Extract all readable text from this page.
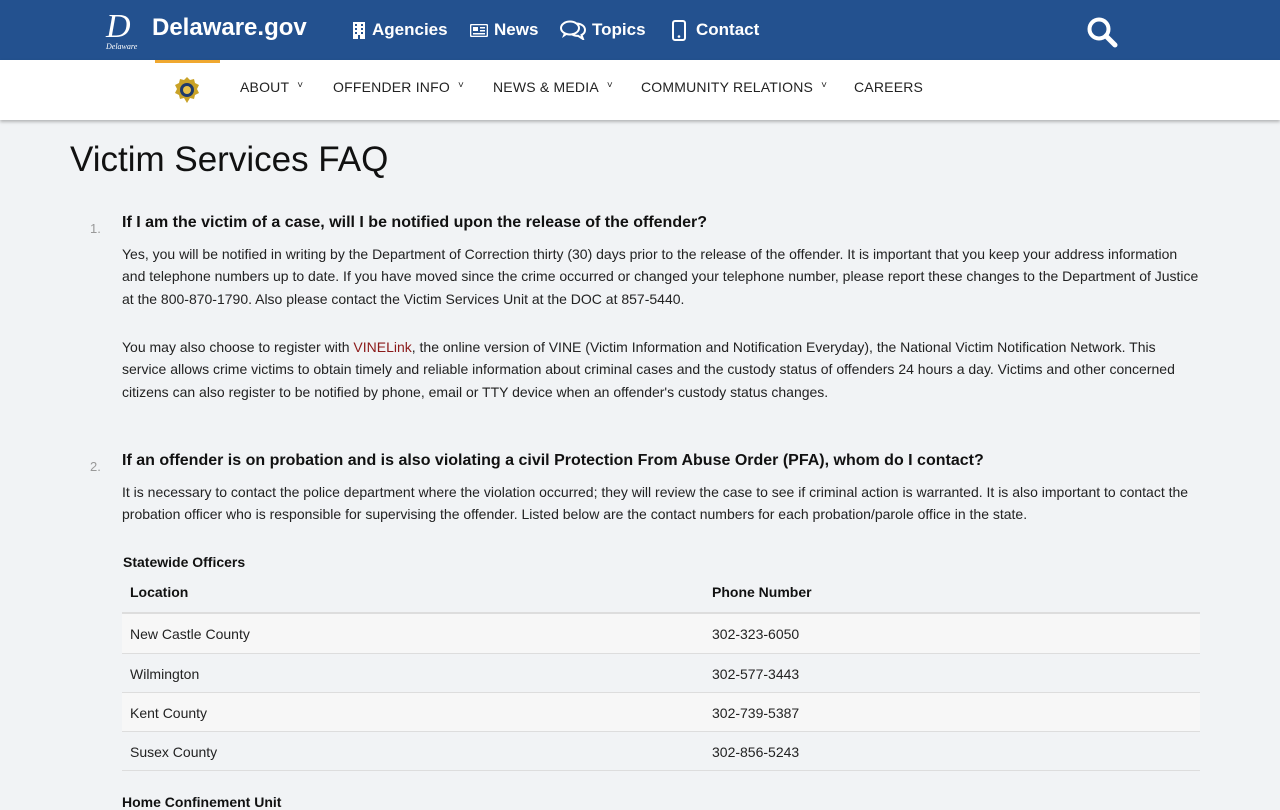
D
Delaware
Delaware.gov	Agencies	News	Topics	Contact
ABOUT ˅ OFFENDER INFO ˅ NEWS & MEDIA ˅ COMMUNITY RELATIONS ˅ CAREERS
Victim Services FAQ
1. If I am the victim of a case, will I be notified upon the release of the offender?

Yes, you will be notified in writing by the Department of Correction thirty (30) days prior to the release of the offender. It is important that you keep your address information and telephone numbers up to date. If you have moved since the crime occurred or changed your telephone number, please report these changes to the Department of Justice at the 800-870-1790. Also please contact the Victim Services Unit at the DOC at 857-5440.

You may also choose to register with VINELink, the online version of VINE (Victim Information and Notification Everyday), the National Victim Notification Network. This service allows crime victims to obtain timely and reliable information about criminal cases and the custody status of offenders 24 hours a day. Victims and other concerned citizens can also register to be notified by phone, email or TTY device when an offender's custody status changes.

2. If an offender is on probation and is also violating a civil Protection From Abuse Order (PFA), whom do I contact?

It is necessary to contact the police department where the violation occurred; they will review the case to see if criminal action is warranted. It is also important to contact the probation officer who is responsible for supervising the offender. Listed below are the contact numbers for each probation/parole office in the state.

Statewide Officers
Location	Phone Number
New Castle County	302-323-6050
Wilmington	302-577-3443
Kent County	302-739-5387
Susex County	302-856-5243
Home Confinement Unit
